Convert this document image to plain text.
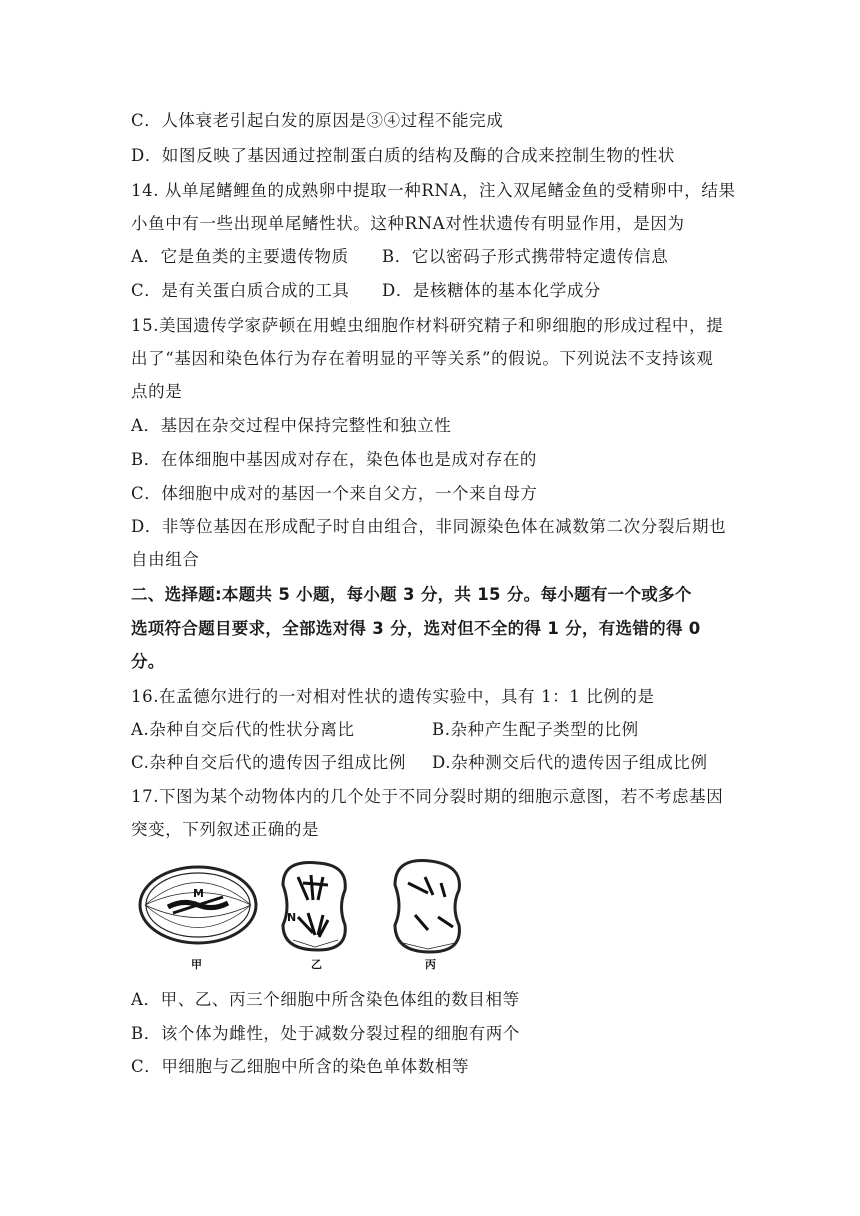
C．人体衰老引起白发的原因是③④过程不能完成
D．如图反映了基因通过控制蛋白质的结构及酶的合成来控制生物的性状
14. 从单尾鳍鲤鱼的成熟卵中提取一种RNA，注入双尾鳍金鱼的受精卵中，结果
小鱼中有一些出现单尾鳍性状。这种RNA对性状遗传有明显作用，是因为
A．它是鱼类的主要遗传物质 B．它以密码子形式携带特定遗传信息
C．是有关蛋白质合成的工具 D．是核糖体的基本化学成分
15.美国遗传学家萨顿在用蝗虫细胞作材料研究精子和卵细胞的形成过程中，提
出了“基因和染色体行为存在着明显的平等关系”的假说。下列说法不支持该观
点的是
A．基因在杂交过程中保持完整性和独立性
B．在体细胞中基因成对存在，染色体也是成对存在的
C．体细胞中成对的基因一个来自父方，一个来自母方
D．非等位基因在形成配子时自由组合，非同源染色体在减数第二次分裂后期也
自由组合
二、选择题:本题共 5 小题，每小题 3 分，共 15 分。每小题有一个或多个
选项符合题目要求，全部选对得 3 分，选对但不全的得 1 分，有选错的得 0
分。
16.在孟德尔进行的一对相对性状的遗传实验中，具有 1：1 比例的是
A.杂种自交后代的性状分离比	B.杂种产生配子类型的比例
C.杂种自交后代的遗传因子组成比例 D.杂种测交后代的遗传因子组成比例
17.下图为某个动物体内的几个处于不同分裂时期的细胞示意图，若不考虑基因
突变，下列叙述正确的是
M
甲
N
乙	丙
A．甲、乙、丙三个细胞中所含染色体组的数目相等
B．该个体为雌性，处于减数分裂过程的细胞有两个
C．甲细胞与乙细胞中所含的染色单体数相等
